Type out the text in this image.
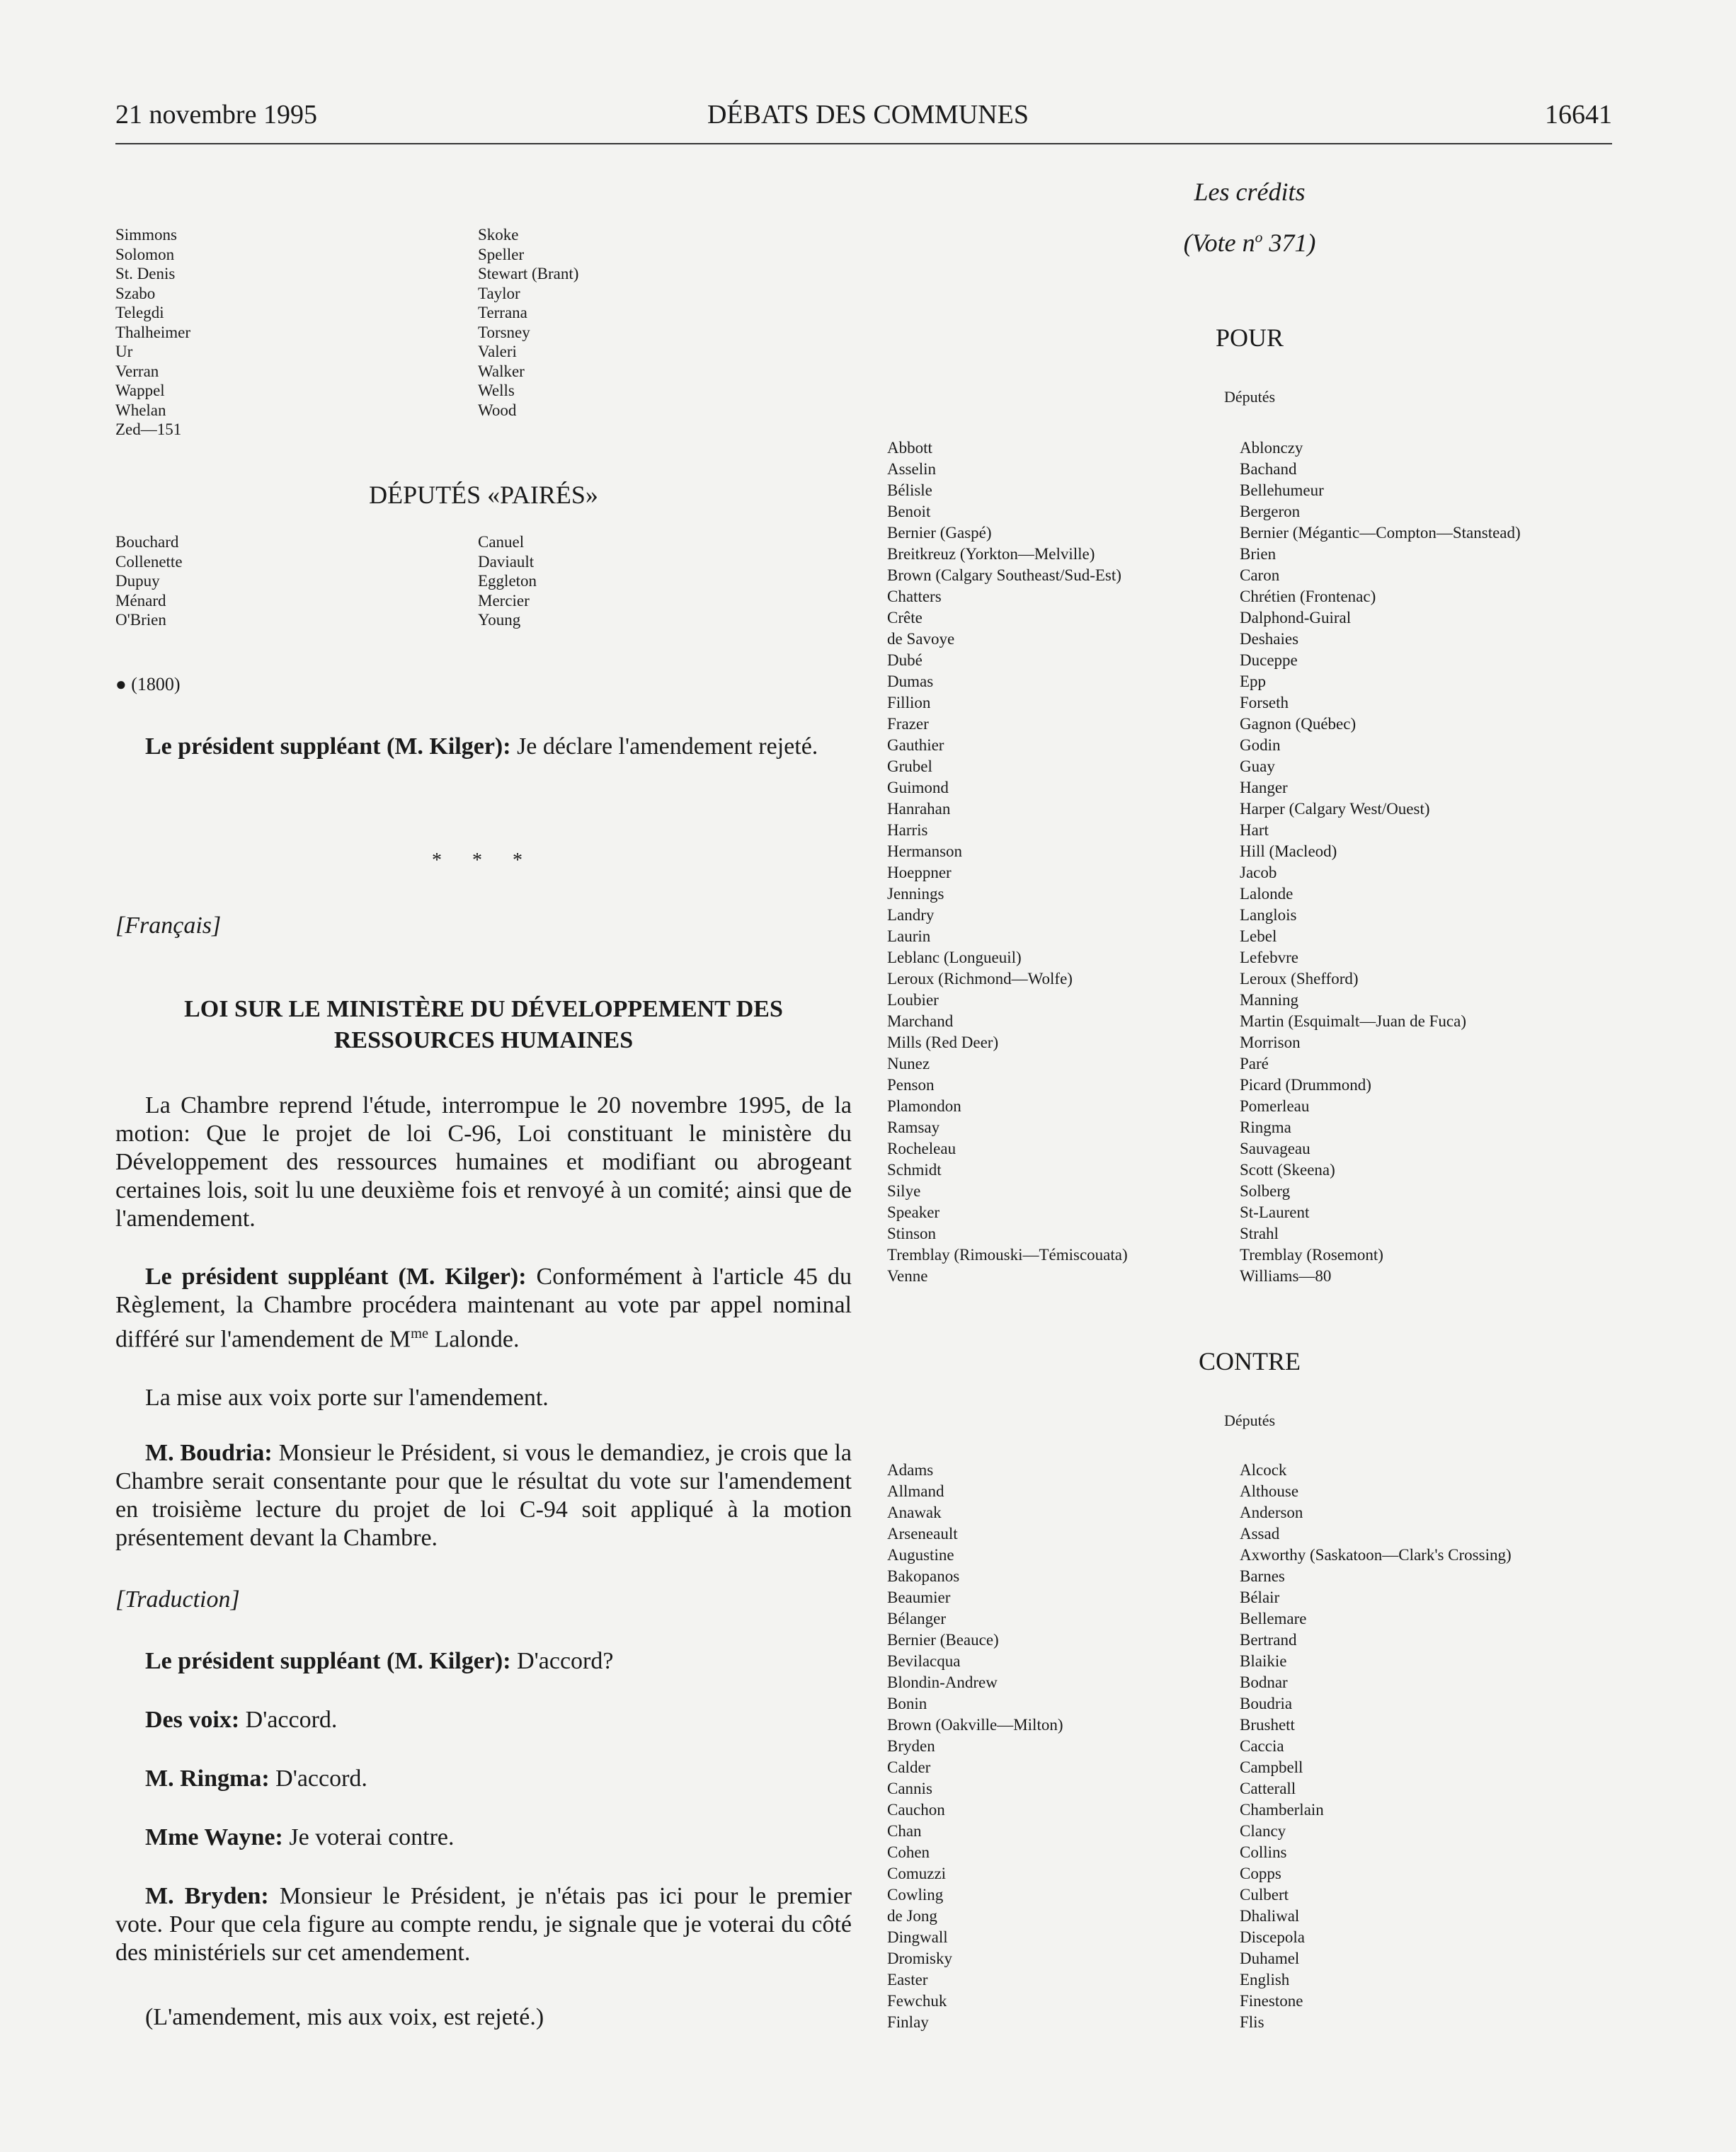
21 novembre 1995	DÉBATS DES COMMUNES	16641
Simmons
Solomon
St. Denis
Szabo
Telegdi
Thalheimer
Ur
Verran
Wappel
Whelan
Zed—151
Skoke
Speller
Stewart (Brant)
Taylor
Terrana
Torsney
Valeri
Walker
Wells
Wood
DÉPUTÉS «PAIRÉS»
Bouchard
Collenette
Dupuy
Ménard
O'Brien
Canuel
Daviault
Eggleton
Mercier
Young
● (1800)

Le président suppléant (M. Kilger): Je déclare l'amendement rejeté.

* * *
[Français]
LOI SUR LE MINISTÈRE DU DÉVELOPPEMENT DES
RESSOURCES HUMAINES

La Chambre reprend l'étude, interrompue le 20 novembre 1995, de la motion: Que le projet de loi C-96, Loi constituant le ministère du Développement des ressources humaines et modifiant ou abrogeant certaines lois, soit lu une deuxième fois et renvoyé à un comité; ainsi que de l'amendement.

Le président suppléant (M. Kilger): Conformément à l'article 45 du Règlement, la Chambre procédera maintenant au vote par appel nominal différé sur l'amendement de $M^{me}$ Lalonde.

La mise aux voix porte sur l'amendement.

M. Boudria: Monsieur le Président, si vous le demandiez, je crois que la Chambre serait consentante pour que le résultat du vote sur l'amendement en troisième lecture du projet de loi C-94 soit appliqué à la motion présentement devant la Chambre.

[Traduction]

Le président suppléant (M. Kilger): D'accord?

Des voix: D'accord.

M. Ringma: D'accord.

Mme Wayne: Je voterai contre.

M. Bryden: Monsieur le Président, je n'étais pas ici pour le premier vote. Pour que cela figure au compte rendu, je signale que je voterai du côté des ministériels sur cet amendement.

(L'amendement, mis aux voix, est rejeté.)

Les crédits
(Vote $n^o$ 371)
POUR
Députés
Abbott
Asselin
Bélisle
Benoit
Bernier (Gaspé)
Breitkreuz (Yorkton—Melville)
Brown (Calgary Southeast/Sud-Est)
Chatters
Crête
de Savoye
Dubé
Dumas
Fillion
Frazer
Gauthier
Grubel
Guimond
Hanrahan
Harris
Hermanson
Hoeppner
Jennings
Landry
Laurin
Leblanc (Longueuil)
Leroux (Richmond—Wolfe)
Loubier
Marchand
Mills (Red Deer)
Nunez
Penson
Plamondon
Ramsay
Rocheleau
Schmidt
Silye
Speaker
Stinson
Tremblay (Rimouski—Témiscouata)
Venne
Ablonczy
Bachand
Bellehumeur
Bergeron
Bernier (Mégantic—Compton—Stanstead)
Brien
Caron
Chrétien (Frontenac)
Dalphond-Guiral
Deshaies
Duceppe
Epp
Forseth
Gagnon (Québec)
Godin
Guay
Hanger
Harper (Calgary West/Ouest)
Hart
Hill (Macleod)
Jacob
Lalonde
Langlois
Lebel
Lefebvre
Leroux (Shefford)
Manning
Martin (Esquimalt—Juan de Fuca)
Morrison
Paré
Picard (Drummond)
Pomerleau
Ringma
Sauvageau
Scott (Skeena)
Solberg
St-Laurent
Strahl
Tremblay (Rosemont)
Williams—80
CONTRE
Députés
Adams
Allmand
Anawak
Arseneault
Augustine
Bakopanos
Beaumier
Bélanger
Bernier (Beauce)
Bevilacqua
Blondin-Andrew
Bonin
Brown (Oakville—Milton)
Bryden
Calder
Cannis
Cauchon
Chan
Cohen
Comuzzi
Cowling
de Jong
Dingwall
Dromisky
Easter
Fewchuk
Finlay
Alcock
Althouse
Anderson
Assad
Axworthy (Saskatoon—Clark's Crossing)
Barnes
Bélair
Bellemare
Bertrand
Blaikie
Bodnar
Boudria
Brushett
Caccia
Campbell
Catterall
Chamberlain
Clancy
Collins
Copps
Culbert
Dhaliwal
Discepola
Duhamel
English
Finestone
Flis
